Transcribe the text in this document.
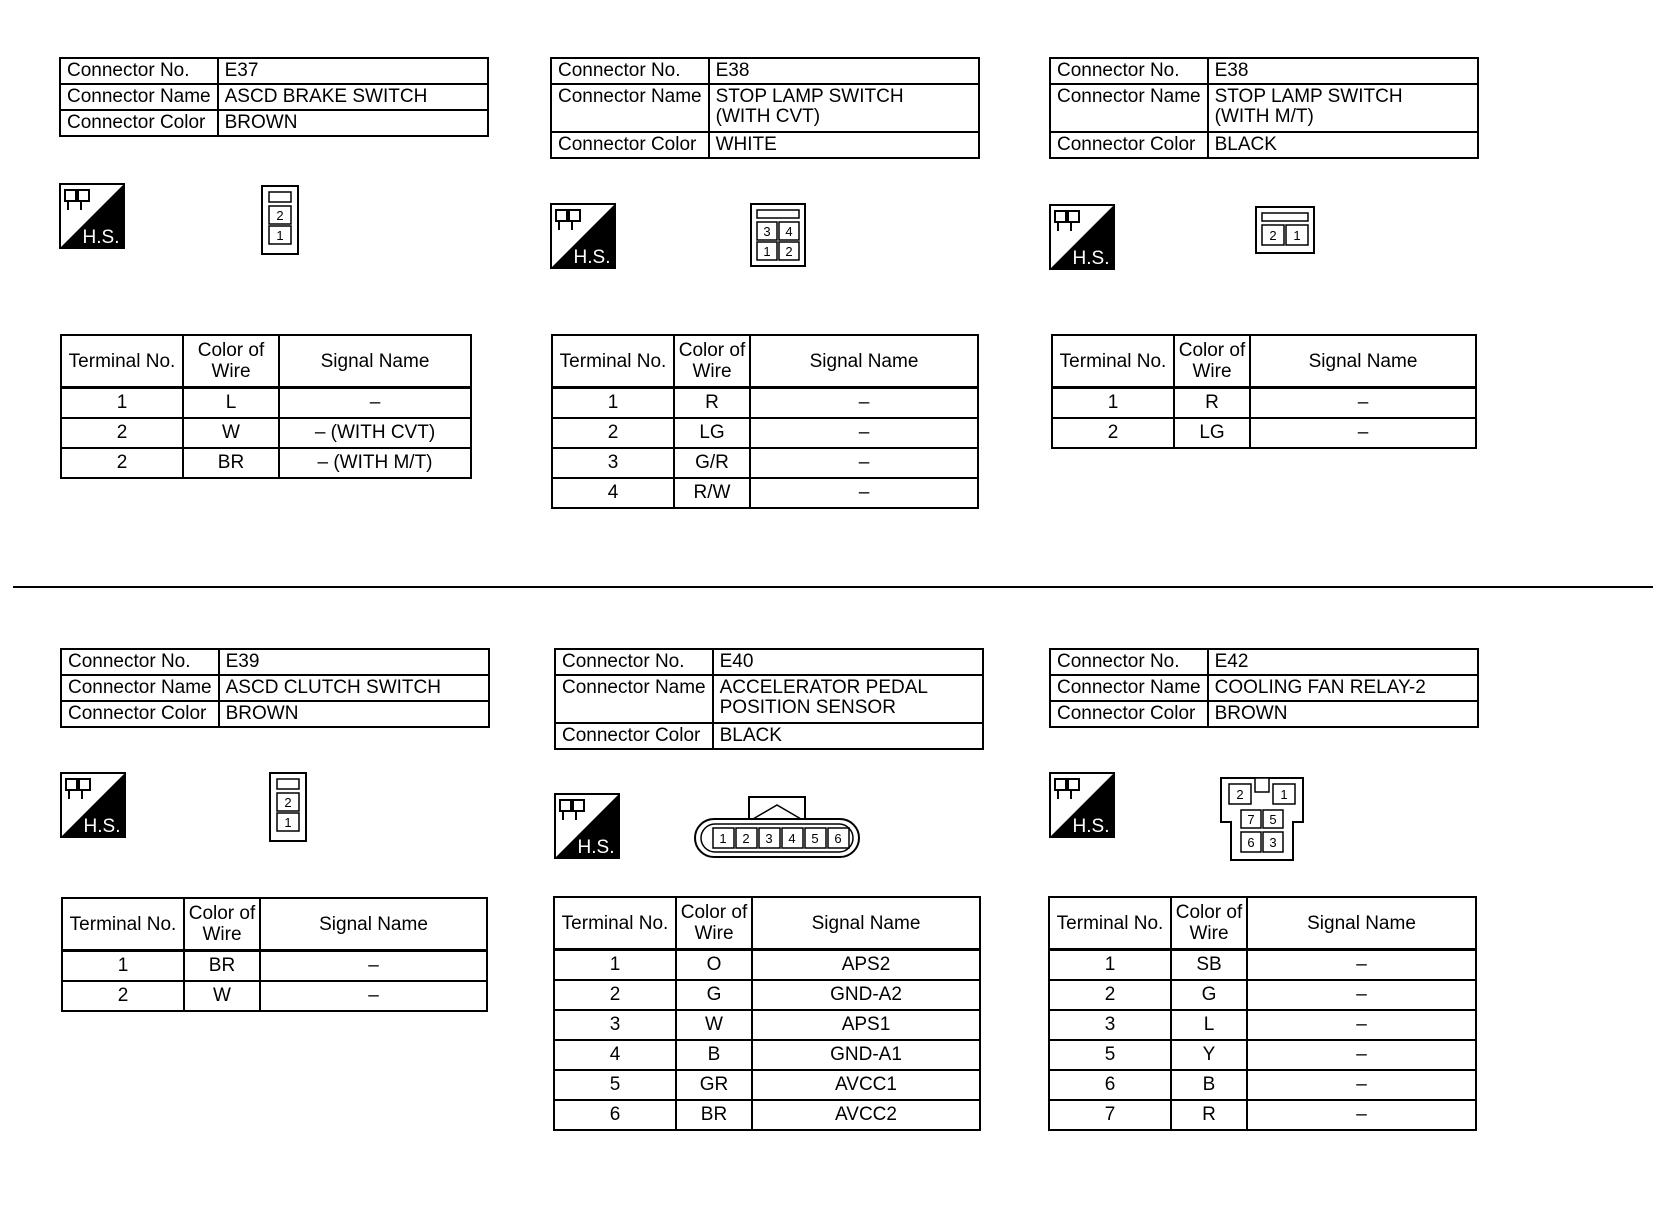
Connector No.	E37
Connector Name	ASCD BRAKE SWITCH
Connector Color	BROWN
H.S.
2
1
Terminal No.	Color of Wire	Signal Name
1	L	–
2	W	– (WITH CVT)
2	BR	– (WITH M/T)
Connector No.	E38
Connector Name	STOP LAMP SWITCH
(WITH CVT)
Connector Color	WHITE
H.S.
3 4
1 2
Terminal No.	Color of Wire	Signal Name
1	R	–
2	LG	–
3	G/R	–
4	R/W	–
Connector No.	E38
Connector Name	STOP LAMP SWITCH
(WITH M/T)
Connector Color	BLACK
H.S.
2 1
Terminal No.	Color of Wire	Signal Name
1	R	–
2	LG	–
Connector No.	E39
Connector Name	ASCD CLUTCH SWITCH
Connector Color	BROWN
H.S.
2
1
Terminal No.	Color of Wire	Signal Name
1	BR	–
2	W	–
Connector No.	E40
Connector Name	ACCELERATOR PEDAL
POSITION SENSOR
Connector Color	BLACK
H.S.	1 2 3 4 5 6
Terminal No.	Color of Wire	Signal Name
1	O	APS2
2	G	GND-A2
3	W	APS1
4	B	GND-A1
5	GR	AVCC1
6	BR	AVCC2
Connector No.	E42
Connector Name	COOLING FAN RELAY-2
Connector Color	BROWN
H.S.
2	1
7 5
6 3
Terminal No.	Color of Wire	Signal Name
1	SB	–
2	G	–
3	L	–
5	Y	–
6	B	–
7	R	–
